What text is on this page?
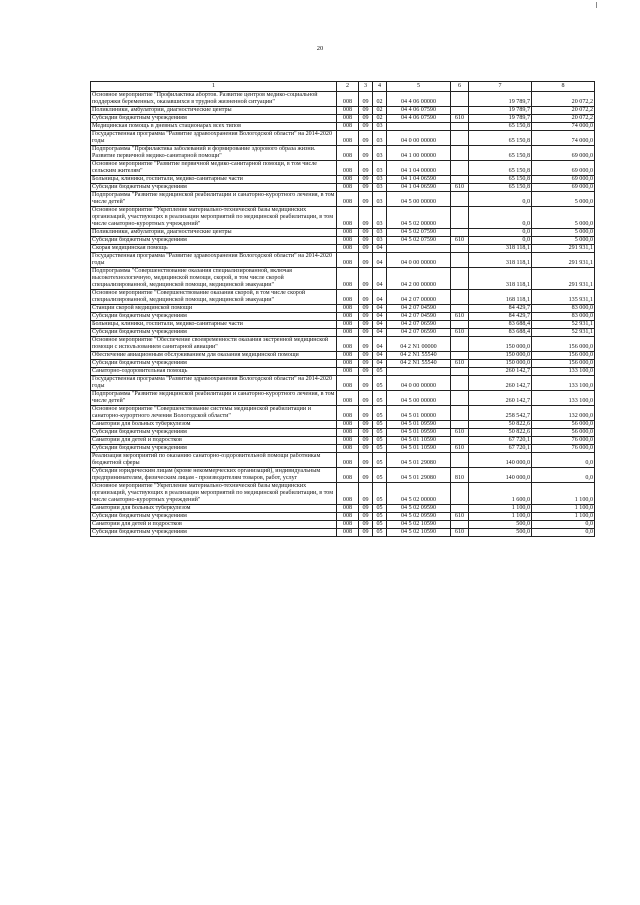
20
1	2	3	4	5	6	7	8
Основное мероприятие "Профилактика абортов. Развитие центров медико-социальной поддержки беременных, оказавшихся в трудной жизненной ситуации"	008	09	02	04 4 06 00000		19 789,7	20 072,2
Поликлиники, амбулатории, диагностические центры	008	09	02	04 4 06 07590		19 789,7	20 072,2
Субсидии бюджетным учреждениям	008	09	02	04 4 06 07590	610	19 789,7	20 072,2
Медицинская помощь в дневных стационарах всех типов	008	09	03			65 150,8	74 000,0
Государственная программа "Развитие здравоохранения Вологодской области" на 2014-2020 годы	008	09	03	04 0 00 00000		65 150,8	74 000,0
Подпрограмма "Профилактика заболеваний и формирование здорового образа жизни. Развитие первичной медико-санитарной помощи"	008	09	03	04 1 00 00000		65 150,8	69 000,0
Основное мероприятие "Развитие первичной медико-санитарной помощи, в том числе сельским жителям"	008	09	03	04 1 04 00000		65 150,8	69 000,0
Больницы, клиники, госпитали, медико-санитарные части	008	09	03	04 1 04 06590		65 150,8	69 000,0
Субсидии бюджетным учреждениям	008	09	03	04 1 04 06590	610	65 150,8	69 000,0
Подпрограмма "Развитие медицинской реабилитации и санаторно-курортного лечения, в том числе детей"	008	09	03	04 5 00 00000		0,0	5 000,0
Основное мероприятие "Укрепление материально-технической базы медицинских организаций, участвующих в реализации мероприятий по медицинской реабилитации, в том числе санаторно-курортных учреждений"	008	09	03	04 5 02 00000		0,0	5 000,0
Поликлиники, амбулатории, диагностические центры	008	09	03	04 5 02 07590		0,0	5 000,0
Субсидии бюджетным учреждениям	008	09	03	04 5 02 07590	610	0,0	5 000,0
Скорая медицинская помощь	008	09	04			318 118,1	291 931,1
Государственная программа "Развитие здравоохранения Вологодской области" на 2014-2020 годы	008	09	04	04 0 00 00000		318 118,1	291 931,1
Подпрограмма "Совершенствование оказания специализированной, включая высокотехнологичную, медицинской помощи, скорой, в том числе скорой специализированной, медицинской помощи, медицинской эвакуации"	008	09	04	04 2 00 00000		318 118,1	291 931,1
Основное мероприятие "Совершенствование оказания скорой, в том числе скорой специализированной, медицинской помощи, медицинской эвакуации"	008	09	04	04 2 07 00000		168 118,1	135 931,1
Станции скорой медицинской помощи	008	09	04	04 2 07 04590		84 429,7	83 000,0
Субсидии бюджетным учреждениям	008	09	04	04 2 07 04590	610	84 429,7	83 000,0
Больницы, клиники, госпитали, медико-санитарные части	008	09	04	04 2 07 06590		83 688,4	52 931,1
Субсидии бюджетным учреждениям	008	09	04	04 2 07 06590	610	83 688,4	52 931,1
Основное мероприятие "Обеспечение своевременности оказания экстренной медицинской помощи с использованием санитарной авиации"	008	09	04	04 2 N1 00000		150 000,0	156 000,0
Обеспечение авиационным обслуживанием для оказания медицинской помощи	008	09	04	04 2 N1 55540		150 000,0	156 000,0
Субсидии бюджетным учреждениям	008	09	04	04 2 N1 55540	610	150 000,0	156 000,0
Санаторно-оздоровительная помощь	008	09	05			260 142,7	133 100,0
Государственная программа "Развитие здравоохранения Вологодской области" на 2014-2020 годы	008	09	05	04 0 00 00000		260 142,7	133 100,0
Подпрограмма "Развитие медицинской реабилитации и санаторно-курортного лечения, в том числе детей"	008	09	05	04 5 00 00000		260 142,7	133 100,0
Основное мероприятие "Совершенствование системы медицинской реабилитации и санаторно-курортного лечения Вологодской области"	008	09	05	04 5 01 00000		258 542,7	132 000,0
Санатории для больных туберкулезом	008	09	05	04 5 01 09590		50 822,6	56 000,0
Субсидии бюджетным учреждениям	008	09	05	04 5 01 09590	610	50 822,6	56 000,0
Санатории для детей и подростков	008	09	05	04 5 01 10590		67 720,1	76 000,0
Субсидии бюджетным учреждениям	008	09	05	04 5 01 10590	610	67 720,1	76 000,0
Реализация мероприятий по оказанию санаторно-оздоровительной помощи работникам бюджетной сферы	008	09	05	04 5 01 29080		140 000,0	0,0
Субсидии юридическим лицам (кроме некоммерческих организаций), индивидуальным предпринимателям, физическим лицам - производителям товаров, работ, услуг	008	09	05	04 5 01 29080	810	140 000,0	0,0
Основное мероприятие "Укрепление материально-технической базы медицинских организаций, участвующих в реализации мероприятий по медицинской реабилитации, в том числе санаторно-курортных учреждений"	008	09	05	04 5 02 00000		1 600,0	1 100,0
Санатории для больных туберкулезом	008	09	05	04 5 02 09590		1 100,0	1 100,0
Субсидии бюджетным учреждениям	008	09	05	04 5 02 09590	610	1 100,0	1 100,0
Санатории для детей и подростков	008	09	05	04 5 02 10590		500,0	0,0
Субсидии бюджетным учреждениям	008	09	05	04 5 02 10590	610	500,0	0,0
